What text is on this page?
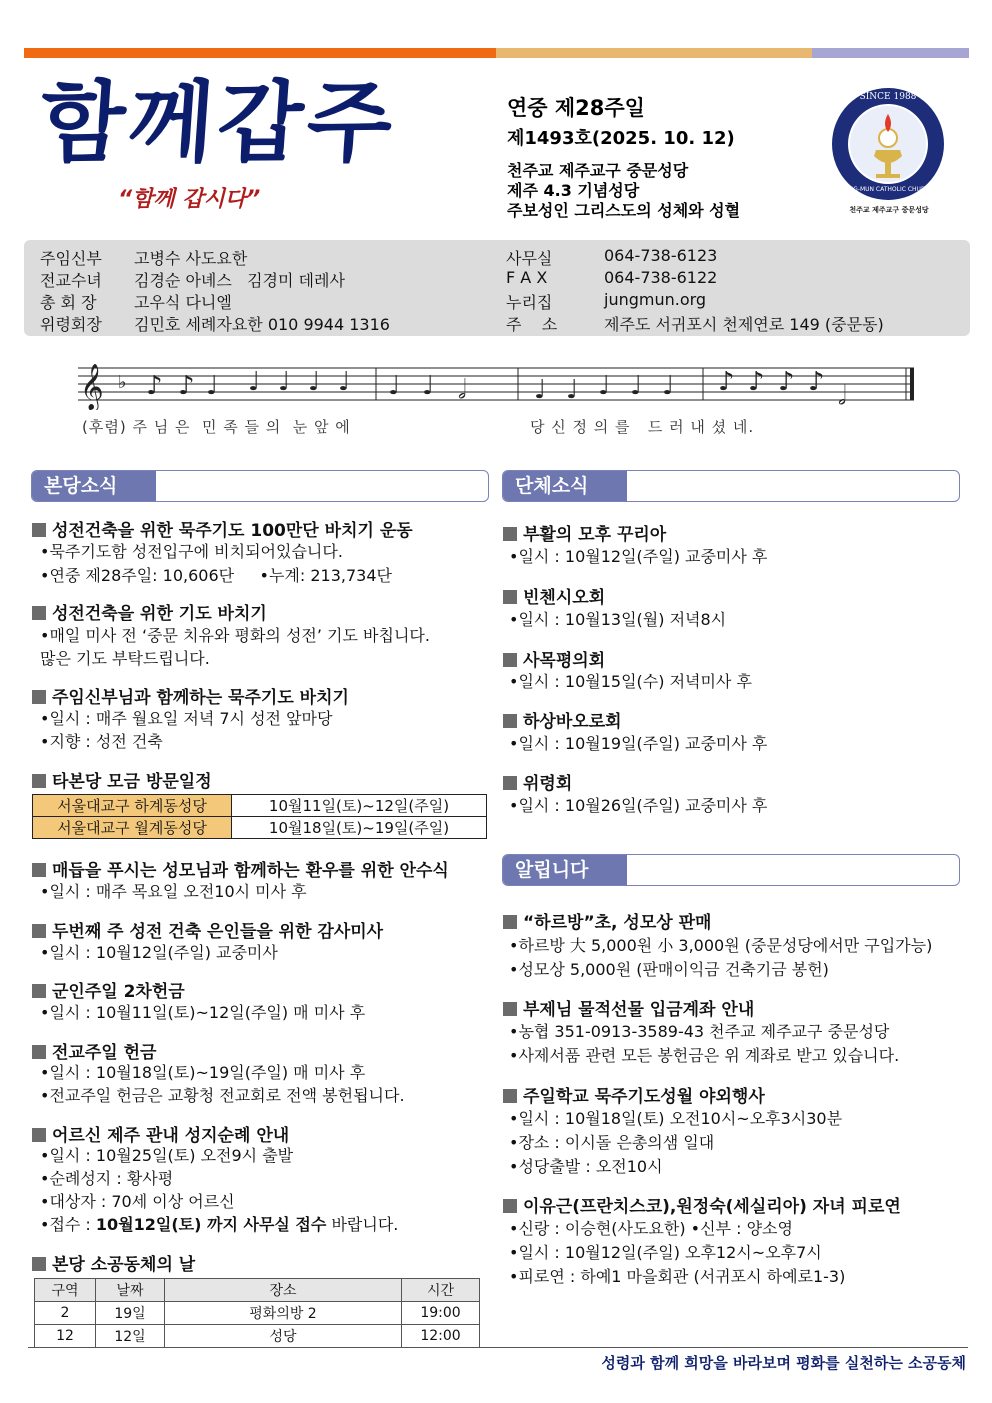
함께갑주
“함께 갑시다”
연중 제28주일
제1493호(2025. 10. 12)
천주교 제주교구 중문성당
제주 4.3 기념성당
주보성인 그리스도의 성체와 성혈
SINCE 1988
JUNG-MUN CATHOLIC CHURCH
천주교 제주교구 중문성당
주임신부 고병수 사도요한
전교수녀 김경순 아녜스   김경미 데레사
총 회 장 고우식 다니엘
위령회장 김민호 세례자요한 010 9944 1316
사무실	064-738-6123
F A X	064-738-6122
누리집	jungmun.org
주    소	제주도 서귀포시 천제연로 149 (중문동)
𝄞 ♭ ♪ ♪ ♩ ♩ ♩ ♩ ♩ ♩ ♩ 𝅗𝅥	♩ ♩ ♩ ♩ ♩ ♪ ♪ ♪ ♪ 𝅗𝅥
(후렴) 주 님 은  민 족 들 의  눈 앞 에	당 신 정 의 를   드 러 내 셨 네.
본당소식
성전건축을 위한 묵주기도 100만단 바치기 운동
•묵주기도함 성전입구에 비치되어있습니다.
•연중 제28주일: 10,606단     •누계: 213,734단
성전건축을 위한 기도 바치기
•매일 미사 전 ‘중문 치유와 평화의 성전’ 기도 바칩니다.
많은 기도 부탁드립니다.
주임신부님과 함께하는 묵주기도 바치기
•일시 : 매주 월요일 저녁 7시 성전 앞마당
•지향 : 성전 건축
타본당 모금 방문일정
서울대교구 하계동성당	10월11일(토)~12일(주일)
서울대교구 월계동성당	10월18일(토)~19일(주일)
매듭을 푸시는 성모님과 함께하는 환우를 위한 안수식
•일시 : 매주 목요일 오전10시 미사 후
두번째 주 성전 건축 은인들을 위한 감사미사
•일시 : 10월12일(주일) 교중미사
군인주일 2차헌금
•일시 : 10월11일(토)~12일(주일) 매 미사 후
전교주일 헌금
•일시 : 10월18일(토)~19일(주일) 매 미사 후
•전교주일 헌금은 교황청 전교회로 전액 봉헌됩니다.
어르신 제주 관내 성지순례 안내
•일시 : 10월25일(토) 오전9시 출발
•순례성지 : 황사평
•대상자 : 70세 이상 어르신
•접수 : 10월12일(토) 까지 사무실 접수 바랍니다.
본당 소공동체의 날
구역	날짜	장소	시간
2	19일	평화의방 2	19:00
12	12일	성당	12:00
단체소식
부활의 모후 꾸리아
•일시 : 10월12일(주일) 교중미사 후
빈첸시오회
•일시 : 10월13일(월) 저녁8시
사목평의회
•일시 : 10월15일(수) 저녁미사 후
하상바오로회
•일시 : 10월19일(주일) 교중미사 후
위령회
•일시 : 10월26일(주일) 교중미사 후
알립니다
“하르방”초, 성모상 판매
•하르방 大 5,000원 小 3,000원 (중문성당에서만 구입가능)
•성모상 5,000원 (판매이익금 건축기금 봉헌)
부제님 물적선물 입금계좌 안내
•농협 351-0913-3589-43 천주교 제주교구 중문성당
•사제서품 관련 모든 봉헌금은 위 계좌로 받고 있습니다.
주일학교 묵주기도성월 야외행사
•일시 : 10월18일(토) 오전10시~오후3시30분
•장소 : 이시돌 은총의샘 일대
•성당출발 : 오전10시
이유근(프란치스코),원정숙(세실리아) 자녀 피로연
•신랑 : 이승현(사도요한) •신부 : 양소영
•일시 : 10월12일(주일) 오후12시~오후7시
•피로연 : 하예1 마을회관 (서귀포시 하예로1-3)
성령과 함께 희망을 바라보며 평화를 실천하는 소공동체
